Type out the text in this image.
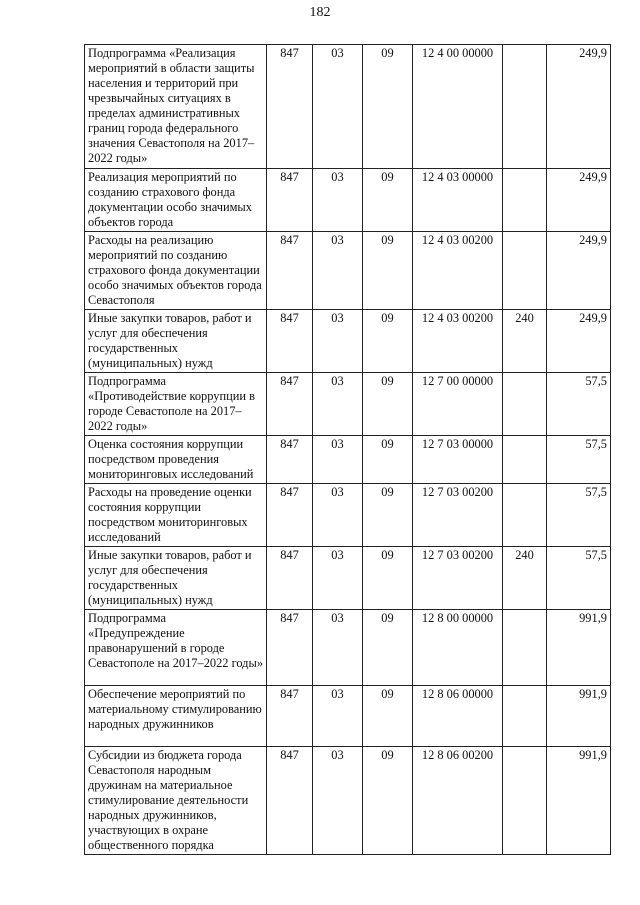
182
Подпрограмма «Реализация мероприятий в области защиты населения и территорий при чрезвычайных ситуациях в пределах административных границ города федерального значения Севастополя на 2017–2022 годы»	847	03	09	12 4 00 00000		249,9
Реализация мероприятий по созданию страхового фонда документации особо значимых объектов города	847	03	09	12 4 03 00000		249,9
Расходы на реализацию мероприятий по созданию страхового фонда документации особо значимых объектов города Севастополя	847	03	09	12 4 03 00200		249,9
Иные закупки товаров, работ и услуг для обеспечения государственных (муниципальных) нужд	847	03	09	12 4 03 00200	240	249,9
Подпрограмма «Противодействие коррупции в городе Севастополе на 2017–2022 годы»	847	03	09	12 7 00 00000		57,5
Оценка состояния коррупции посредством проведения мониторинговых исследований	847	03	09	12 7 03 00000		57,5
Расходы на проведение оценки состояния коррупции посредством мониторинговых исследований	847	03	09	12 7 03 00200		57,5
Иные закупки товаров, работ и услуг для обеспечения государственных (муниципальных) нужд	847	03	09	12 7 03 00200	240	57,5
Подпрограмма «Предупреждение правонарушений в городе Севастополе на 2017–2022 годы»	847	03	09	12 8 00 00000		991,9
Обеспечение мероприятий по материальному стимулированию народных дружинников	847	03	09	12 8 06 00000		991,9
Субсидии из бюджета города Севастополя народным дружинам на материальное стимулирование деятельности народных дружинников, участвующих в охране общественного порядка	847	03	09	12 8 06 00200		991,9
